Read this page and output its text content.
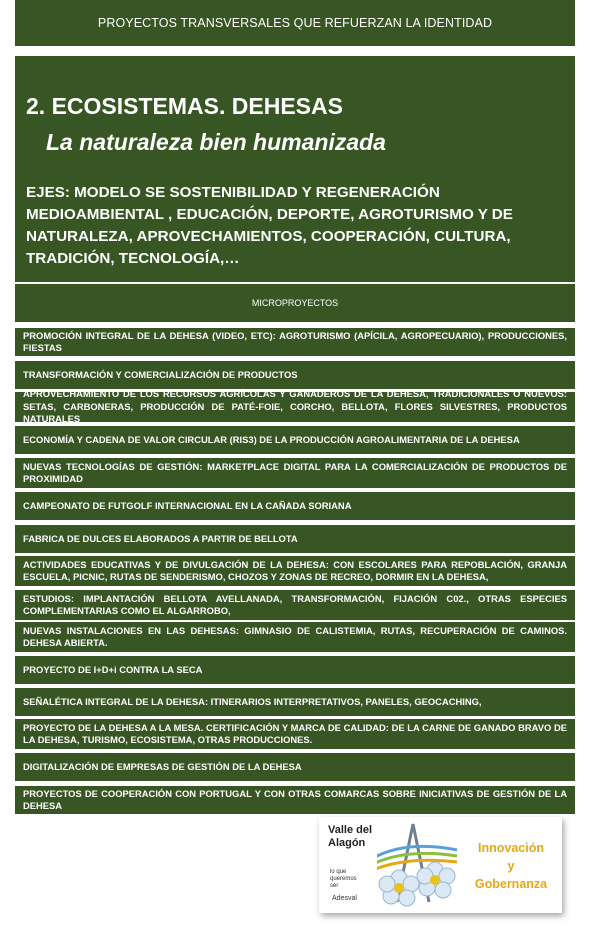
PROYECTOS TRANSVERSALES QUE REFUERZAN LA IDENTIDAD
2. ECOSISTEMAS. DEHESAS
La naturaleza bien humanizada

EJES: MODELO SE SOSTENIBILIDAD Y REGENERACIÓN MEDIOAMBIENTAL , EDUCACIÓN, DEPORTE, AGROTURISMO Y DE NATURALEZA, APROVECHAMIENTOS, COOPERACIÓN, CULTURA, TRADICIÓN, TECNOLOGÍA,…

MICROPROYECTOS
PROMOCIÓN INTEGRAL DE LA DEHESA (VIDEO, ETC): AGROTURISMO (APÍCILA, AGROPECUARIO), PRODUCCIONES, FIESTAS
TRANSFORMACIÓN Y COMERCIALIZACIÓN DE PRODUCTOS
APROVECHAMIENTO DE LOS RECURSOS AGRÍCOLAS Y GANADEROS DE LA DEHESA, TRADICIONALES O NUEVOS: SETAS, CARBONERAS, PRODUCCIÓN DE PATÉ-FOIE, CORCHO, BELLOTA, FLORES SILVESTRES, PRODUCTOS NATURALES
ECONOMÍA Y CADENA DE VALOR CIRCULAR (RIS3) DE LA PRODUCCIÓN AGROALIMENTARIA DE LA DEHESA
NUEVAS TECNOLOGÍAS DE GESTIÓN: MARKETPLACE DIGITAL PARA LA COMERCIALIZACIÓN DE PRODUCTOS DE PROXIMIDAD
CAMPEONATO DE FUTGOLF INTERNACIONAL EN LA CAÑADA SORIANA
FABRICA DE DULCES ELABORADOS A PARTIR DE BELLOTA
ACTIVIDADES EDUCATIVAS Y DE DIVULGACIÓN DE LA DEHESA: CON ESCOLARES PARA REPOBLACIÓN, GRANJA ESCUELA, PICNIC, RUTAS DE SENDERISMO, CHOZOS Y ZONAS DE RECREO, DORMIR EN LA DEHESA,
ESTUDIOS: IMPLANTACIÓN BELLOTA AVELLANADA, TRANSFORMACIÓN, FIJACIÓN C02., OTRAS ESPECIES COMPLEMENTARIAS COMO EL ALGARROBO,
NUEVAS INSTALACIONES EN LAS DEHESAS: GIMNASIO DE CALISTEMIA, RUTAS, RECUPERACIÓN DE CAMINOS. DEHESA ABIERTA.
PROYECTO DE I+D+i CONTRA LA SECA
SEÑALÉTICA INTEGRAL DE LA DEHESA: ITINERARIOS INTERPRETATIVOS, PANELES, GEOCACHING,
PROYECTO DE LA DEHESA A LA MESA. CERTIFICACIÓN Y MARCA DE CALIDAD: DE LA CARNE DE GANADO BRAVO DE LA DEHESA, TURISMO, ECOSISTEMA, OTRAS PRODUCCIONES.
DIGITALIZACIÓN DE EMPRESAS DE GESTIÓN DE LA DEHESA
PROYECTOS DE COOPERACIÓN CON PORTUGAL Y CON OTRAS COMARCAS SOBRE INICIATIVAS DE GESTIÓN DE LA DEHESA
Valle del
Alagón
lo que
queremos
ser
Adesval
Innovación
y
Gobernanza
